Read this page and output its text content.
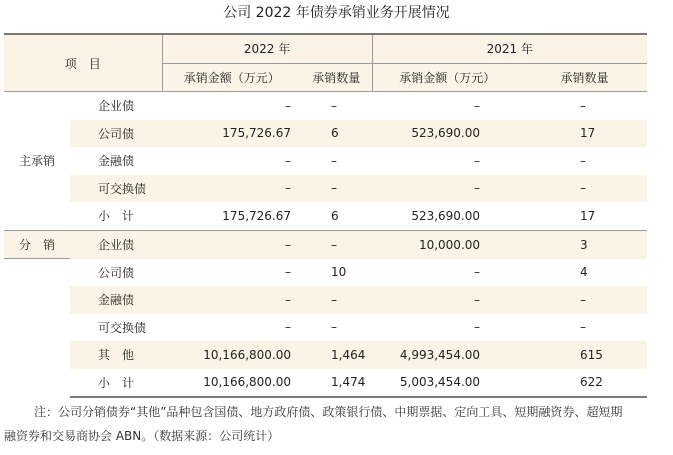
公司 2022 年债券承销业务开展情况
项　目		2022 年		2021 年	
		承销金额（万元）	承销数量	承销金额（万元）	承销数量
主承销	企业债	–	–	–	–
	公司债	175,726.67	6	523,690.00	17
	金融债	–	–	–	–
	可交换债	–	–	–	–
	小　计	175,726.67	6	523,690.00	17
分　销	企业债	–	–	10,000.00	3
	公司债	–	10	–	4
	金融债	–	–	–	–
	可交换债	–	–	–	–
	其　他	10,166,800.00	1,464	4,993,454.00	615
	小　计	10,166,800.00	1,474	5,003,454.00	622
注：公司分销债券“其他”品种包含国债、地方政府债、政策银行债、中期票据、定向工具、短期融资券、超短期
融资券和交易商协会 ABN。（数据来源：公司统计）
